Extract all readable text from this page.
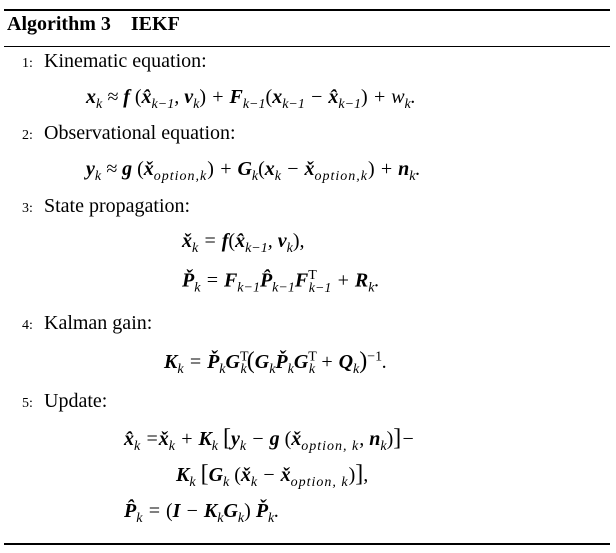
Algorithm 3 IEKF
1: Kinematic equation:
$x_k \approx f$ ($x̂_{k-1}$, $v_k) + F_{k-1}(x_{k-1}$ − $x̂_{k-1}) + w_k$.
2: Observational equation:
$y_k \approx g$ $(x̌_{option,k}) + G_k(x_k$ − $x̌_{option,k}) + n_k$.
3: State propagation:
$x̌_k$ = $f(x̂_{k-1}$, $v_k$),
$P̌_k$ = $F_{k-1}P̂_{k-1}F^T_{k-1} + R_k$.
4: Kalman gain:
$K_k$ = $P̌_kG^T_k(G_kP̌_kG^T_k + Q_k)^{-1}$.
5: Update:
$x̂_k$ $=x̌_k + K_k$ [$y_k - g$ ($x̌_{option, k}$, $n_k)]-$
$K_k$ [$G_k$ ($x̌_k$ − $x̌_{option, k}$)],
$P̂_k = (I - K_kG_k)$ $P̌_k$.
